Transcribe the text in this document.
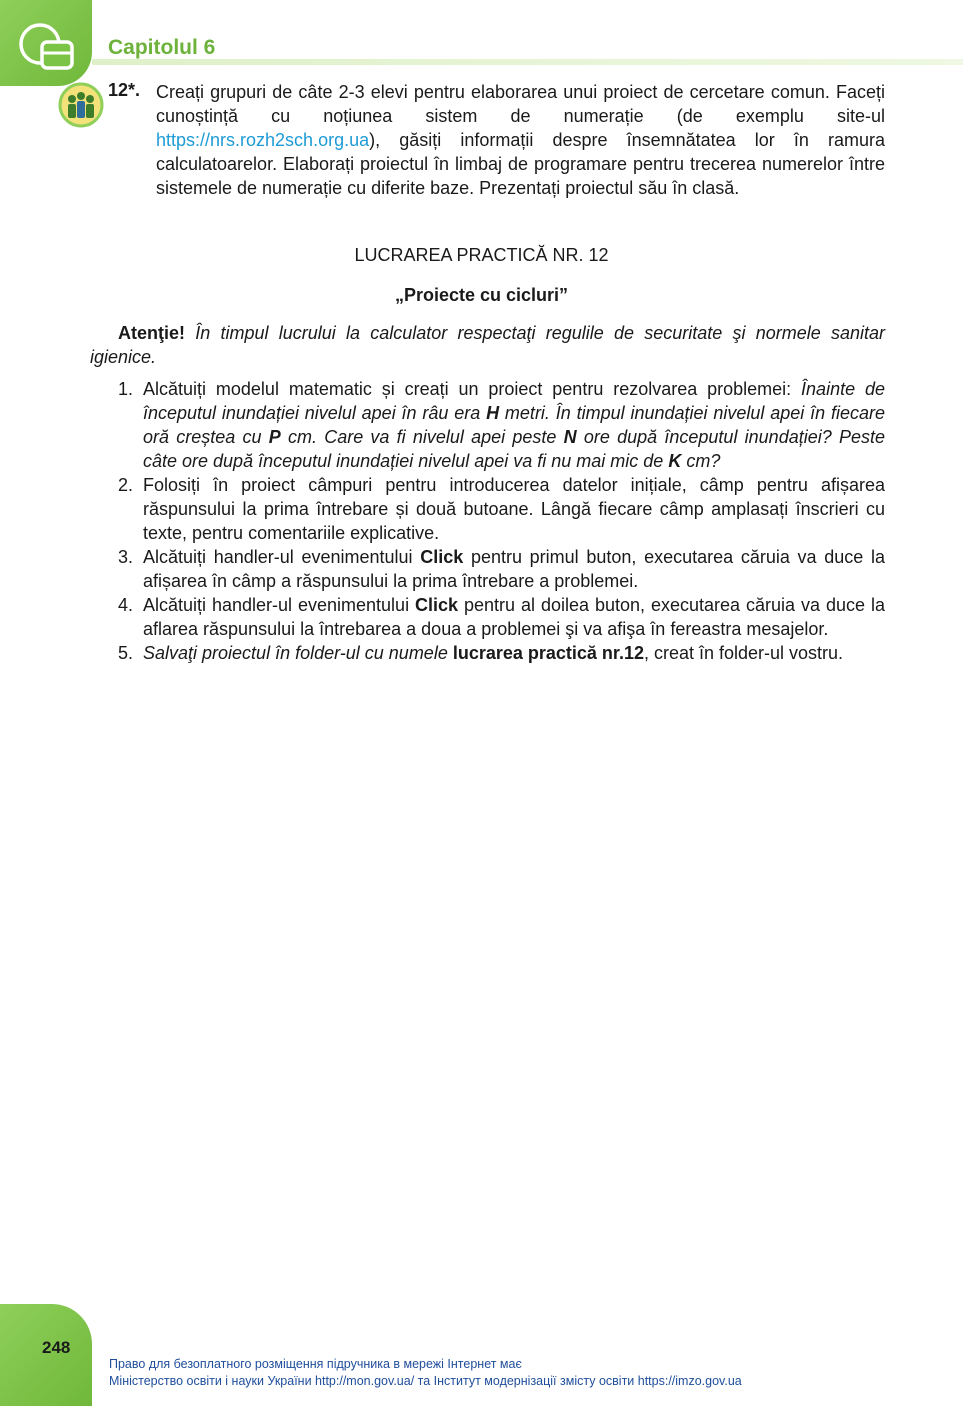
Capitolul 6
12*. Creați grupuri de câte 2-3 elevi pentru elaborarea unui proiect de cercetare comun. Faceți cunoștință cu noțiunea sistem de numerație (de exemplu site-ul https://nrs.rozh2sch.org.ua), găsiți informații despre însemnătatea lor în ramura calculatoarelor. Elaborați proiectul în limbaj de programare pentru trecerea numerelor între sistemele de numerație cu diferite baze. Prezentați proiectul său în clasă.
LUCRAREA PRACTICĂ NR. 12
„Proiecte cu cicluri”
Atenţie! În timpul lucrului la calculator respectaţi regulile de securitate şi normele sanitar igienice.
1. Alcătuiți modelul matematic și creați un proiect pentru rezolvarea problemei: Înainte de începutul inundației nivelul apei în râu era H metri. În timpul inundației nivelul apei în fiecare oră creștea cu P cm. Care va fi nivelul apei peste N ore după începutul inundației? Peste câte ore după începutul inundației nivelul apei va fi nu mai mic de K cm?
2. Folosiți în proiect câmpuri pentru introducerea datelor inițiale, câmp pentru afișarea răspunsului la prima întrebare și două butoane. Lângă fiecare câmp amplasați înscrieri cu texte, pentru comentariile explicative.
3. Alcătuiți handler-ul evenimentului Click pentru primul buton, executarea căruia va duce la afișarea în câmp a răspunsului la prima întrebare a problemei.
4. Alcătuiți handler-ul evenimentului Click pentru al doilea buton, executarea căruia va duce la aflarea răspunsului la întrebarea a doua a problemei şi va afişa în fereastra mesajelor.
5. Salvaţi proiectul în folder-ul cu numele lucrarea practică nr.12, creat în folder-ul vostru.
248
Право для безоплатного розміщення підручника в мережі Інтернет має
Міністерство освіти і науки України http://mon.gov.ua/ та Інститут модернізації змісту освіти https://imzo.gov.ua
